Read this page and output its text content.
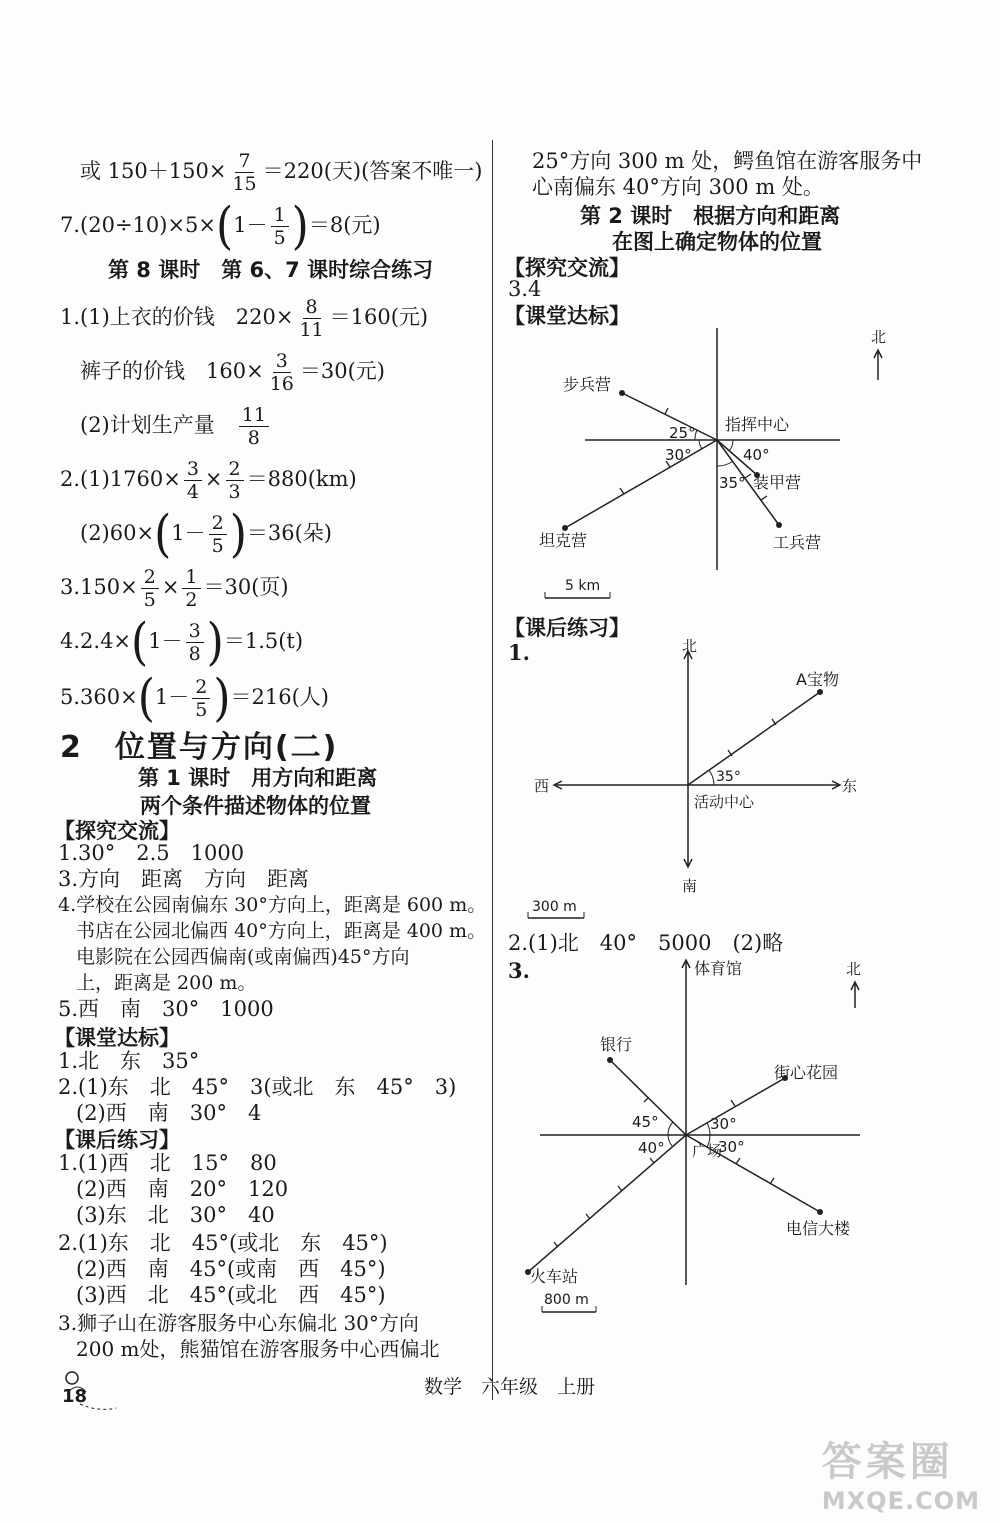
或 $150+150\times \frac{7}{15} =220$(天)(答案不唯一)
$7.(20\div 10)\times 5\times(1- \frac{1}{5} )=8$(元)
第 8 课时　第 6、7 课时综合练习
1.(1)上衣的价钱　$220\times \frac{8}{11} =160$(元)
裤子的价钱　$160\times \frac{3}{16} =30$(元)
(2)计划生产量　 $\frac{11}{8}$
$2.(1)1760\times \frac{3}{4} \times \frac{2}{3} =880(km)$
$(2)60\times(1- \frac{2}{5} )=36$(朵)
$3.150\times \frac{2}{5} \times \frac{1}{2} =30$(页)
$4.2.4\times(1- \frac{3}{8} )=1.5(t)$
$5.360\times(1- \frac{2}{5} )=216$(人)
2　 位置与方向(二)
第 1 课时　用方向和距离
两个条件描述物体的位置
【探究交流】
1.30°　2.5　1000
3.方向　距离　方向　距离
4.学校在公园南偏东 30°方向上，距离是 600 m。
书店在公园北偏西 40°方向上，距离是 400 m。
电影院在公园西偏南(或南偏西)45°方向
上，距离是 200 m。
5.西　南　30°　1000
【课堂达标】
1.北　东　35°
2.(1)东　北　45°　3(或北　东　45°　3)
(2)西　南　30°　4
【课后练习】
1.(1)西　北　15°　80
(2)西　南　20°　120
(3)东　北　30°　40
2.(1)东　北　45°(或北　东　45°)
(2)西　南　45°(或南　西　45°)
(3)西　北　45°(或北　西　45°)
3.狮子山在游客服务中心东偏北 30°方向
200 m处，熊猫馆在游客服务中心西偏北
25°方向 300 m 处，鳄鱼馆在游客服务中
心南偏东 40°方向 300 m 处。
第 2 课时　根据方向和距离
在图上确定物体的位置
【探究交流】
3.4
【课堂达标】
北
步兵营
指挥中心
装甲营
坦克营	工兵营
25°
30°	40°
35°
5 km
【课后练习】
1.	北
南
西	东
A宝物
35°
活动中心
300 m
2.(1)北　40°　5000　(2)略
3.	北
体育馆
银行
街心花园
广场
电信大楼
火车站
45°
40°
30°
30°
800 m
18	数学　六年级　上册
答案圈
MXQE.COM
